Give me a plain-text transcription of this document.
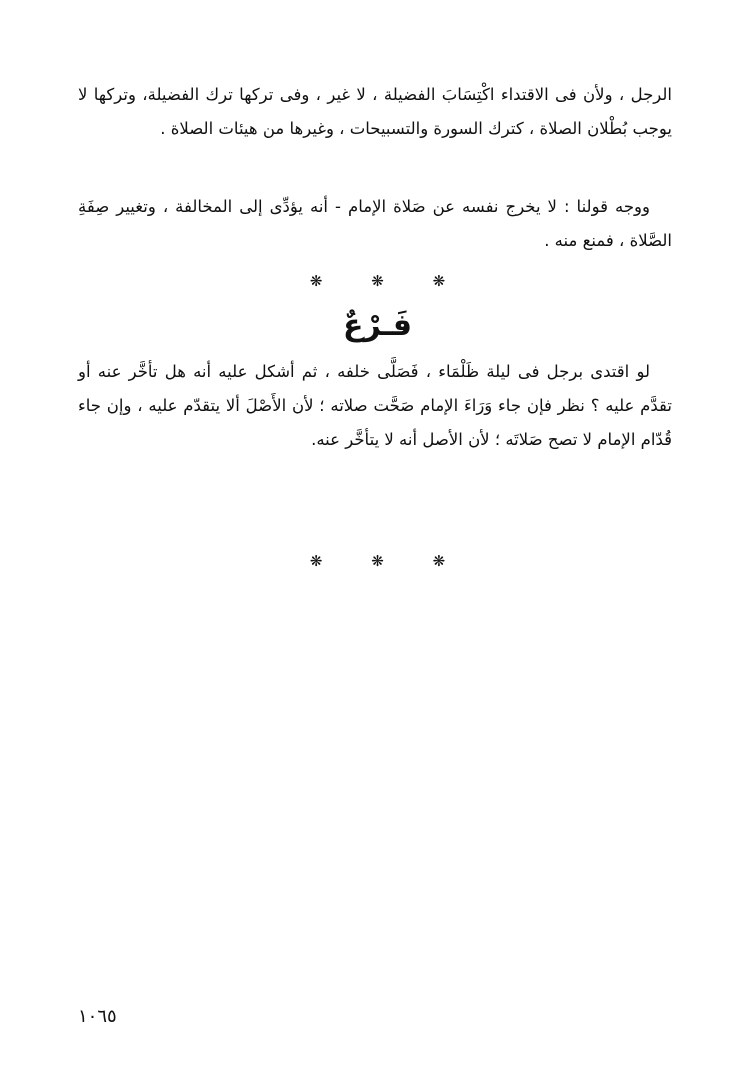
الرجل ، ولأن فى الاقتداء اكْتِسَابَ الفضيلة ، لا غير ، وفى تركها ترك الفضيلة، وتركها لا يوجب بُطْلان الصلاة ، كترك السورة والتسبيحات ، وغيرها من هيئات الصلاة .

ووجه قولنا : لا يخرج نفسه عن صَلاة الإمام - أنه يؤدِّى إلى المخالفة ، وتغيير صِفَةِ الصَّلاة ، فمنع منه .

❋	❋	❋
فَـرْعٌ

لو اقتدى برجل فى ليلة ظَلْمَاء ، فَصَلَّى خلفه ، ثم أشكل عليه أنه هل تأخَّر عنه أو تقدَّم عليه ؟ نظر فإن جاء وَرَاءَ الإمام صَحَّت صلاته ؛ لأن الأَصْلَ ألا يتقدّم عليه ، وإن جاء قُدّام الإمام لا تصح صَلاتَه ؛ لأن الأصل أنه لا يتأخَّر عنه.

❋	❋	❋

١٠٦٥
